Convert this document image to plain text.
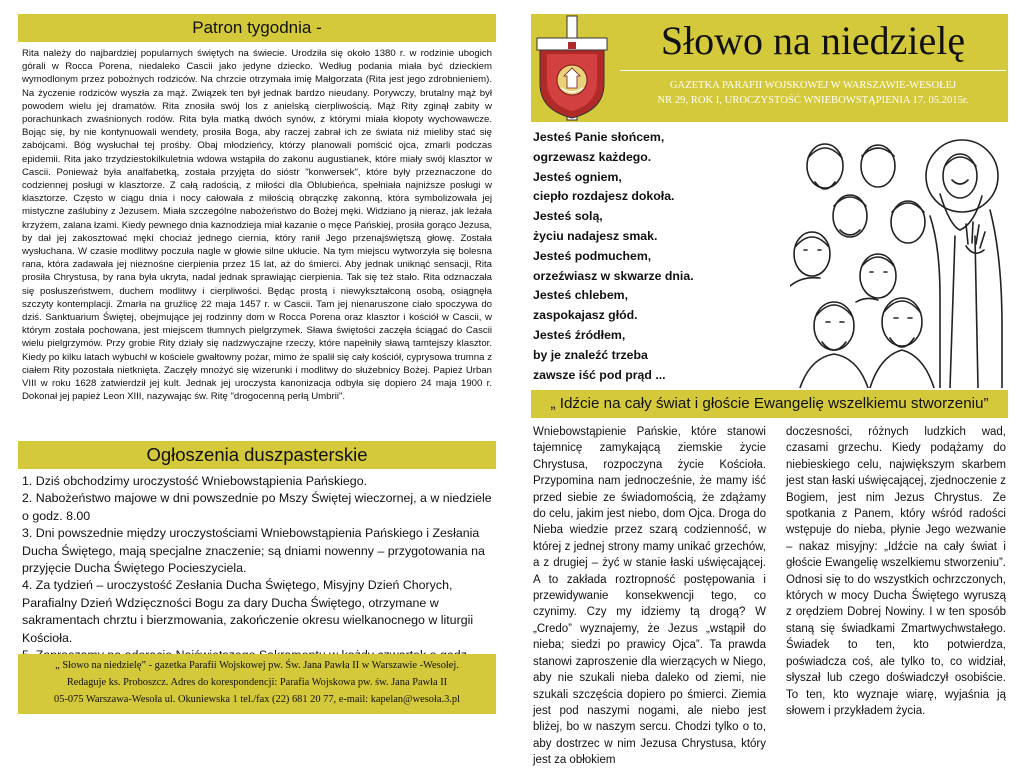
Patron tygodnia -
Rita należy do najbardziej popularnych świętych na świecie. Urodziła się około 1380 r. w rodzinie ubogich górali w Rocca Porena, niedaleko Cascii jako jedyne dziecko. Według podania miała być dzieckiem wymodlonym przez pobożnych rodziców. Na chrzcie otrzymała imię Małgorzata (Rita jest jego zdrobnieniem). Na życzenie rodziców wyszła za mąż. Związek ten był jednak bardzo nieudany. Porywczy, brutalny mąż był powodem wielu jej dramatów. Rita znosiła swój los z anielską cierpliwością. Mąż Rity zginął zabity w porachunkach zwaśnionych rodów. Rita była matką dwóch synów, z którymi miała kłopoty wychowawcze. Bojąc się, by nie kontynuowali wendety, prosiła Boga, aby raczej zabrał ich ze świata niż mieliby stać się zabójcami. Bóg wysłuchał tej prośby. Obaj młodzieńcy, którzy planowali pomścić ojca, zmarli podczas epidemii. Rita jako trzydziestokilkuletnia wdowa wstąpiła do zakonu augustianek, które miały swój klasztor w Cascii. Ponieważ była analfabetką, została przyjęta do sióstr "konwersek", które były przeznaczone do codziennej posługi w klasztorze. Z całą radością, z miłości dla Oblubieńca, spełniała najniższe posługi w klasztorze. Często w ciągu dnia i nocy całowała z miłością obrączkę zakonną, która symbolizowała jej mistyczne zaślubiny z Jezusem. Miała szczególne nabożeństwo do Bożej męki. Widziano ją nieraz, jak leżała krzyżem, zalana łzami. Kiedy pewnego dnia kaznodzieja miał kazanie o męce Pańskiej, prosiła gorąco Jezusa, by dał jej zakosztować męki chociaż jednego ciernia, który ranił Jego przenajświętszą głowę. Została wysłuchana. W czasie modlitwy poczuła nagle w głowie silne ukłucie. Na tym miejscu wytworzyła się bolesna rana, która zadawała jej nieznośne cierpienia przez 15 lat, aż do śmierci. Aby jednak uniknąć sensacji, Rita prosiła Chrystusa, by rana była ukryta, nadal jednak sprawiając cierpienia. Tak się też stało. Rita odznaczała się posłuszeństwem, duchem modlitwy i cierpliwości. Będąc prostą i niewykształconą osobą, osiągnęła szczyty kontemplacji. Zmarła na gruźlicę 22 maja 1457 r. w Cascii. Tam jej nienaruszone ciało spoczywa do dziś. Sanktuarium Świętej, obejmujące jej rodzinny dom w Rocca Porena oraz klasztor i kościół w Cascii, w którym została pochowana, jest miejscem tłumnych pielgrzymek. Sława świętości zaczęła ściągać do Cascii wielu pielgrzymów. Przy grobie Rity działy się nadzwyczajne rzeczy, które napełniły sławą tamtejszy klasztor. Kiedy po kilku latach wybuchł w kościele gwałtowny pożar, mimo że spalił się cały kościół, cyprysowa trumna z ciałem Rity pozostała nietknięta. Zaczęły mnożyć się wizerunki i modlitwy do służebnicy Bożej. Papież Urban VIII w roku 1628 zatwierdził jej kult. Jednak jej uroczysta kanonizacja odbyła się dopiero 24 maja 1900 r. Dokonał jej papież Leon XIII, nazywając św. Ritę "drogocenną perłą Umbrii".
Ogłoszenia duszpasterskie
1. Dziś obchodzimy uroczystość Wniebowstąpienia Pańskiego.
2. Nabożeństwo majowe w dni powszednie po Mszy Świętej wieczornej, a w niedziele o godz. 8.00
3. Dni powszednie między uroczystościami Wniebowstąpienia Pańskiego i Zesłania Ducha Świętego, mają specjalne znaczenie; są dniami nowenny – przygotowania na przyjęcie Ducha Świętego Pocieszyciela.
4. Za tydzień – uroczystość Zesłania Ducha Świętego, Misyjny Dzień Chorych, Parafialny Dzień Wdzięczności Bogu za dary Ducha Świętego, otrzymane w sakramentach chrztu i bierzmowania, zakończenie okresu wielkanocnego w liturgii Kościoła.
„ Słowo na niedzielę” - gazetka Parafii Wojskowej pw. Św. Jana Pawła II w Warszawie -Wesołej.
Redaguje ks. Proboszcz. Adres do korespondencji: Parafia Wojskowa pw. św. Jana Pawła II
05-075 Warszawa-Wesoła ul. Okuniewska 1 tel./fax (22) 681 20 77, e-mail: kapelan@wesoła.3.pl
Słowo na niedzielę
GAZETKA PARAFII WOJSKOWEJ W WARSZAWIE-WESOŁEJ
NR 29, ROK I, UROCZYSTOŚĆ WNIEBOWSTĄPIENIA 17. 05.2015r.

Jesteś Panie słońcem,

ogrzewasz każdego.

Jesteś ogniem,

ciepło rozdajesz dokoła.

Jesteś solą,

życiu nadajesz smak.

Jesteś podmuchem,

orzeźwiasz w skwarze dnia.

Jesteś chlebem,

zaspokajasz głód.

Jesteś źródłem,

by je znaleźć trzeba

zawsze iść pod prąd ...

„ Idźcie na cały świat i głoście Ewangelię wszelkiemu stworzeniu”
Wniebowstąpienie Pańskie, które stanowi tajemnicę zamykającą ziemskie życie Chrystusa, rozpoczyna życie Kościoła. Przypomina nam jednocześnie, że mamy iść przed siebie ze świadomością, że zdążamy do celu, jakim jest niebo, dom Ojca. Droga do Nieba wiedzie przez szarą codzienność, w której z jednej strony mamy unikać grzechów, a z drugiej – żyć w stanie łaski uświęcającej. A to zakłada roztropność postępowania i przewidywanie konsekwencji tego, co czynimy. Czy my idziemy tą drogą? W „Credo” wyznajemy, że Jezus „wstąpił do nieba; siedzi po prawicy Ojca”. Ta prawda stanowi zaproszenie dla wierzących w Niego, aby nie szukali nieba daleko od ziemi, nie szukali szczęścia dopiero po śmierci. Ziemia jest pod naszymi nogami, ale niebo jest bliżej, bo w naszym sercu. Chodzi tylko o to, aby dostrzec w nim Jezusa Chrystusa, który jest za obłokiem
doczesności, różnych ludzkich wad, czasami grzechu. Kiedy podążamy do niebieskiego celu, największym skarbem jest stan łaski uświęcającej, zjednoczenie z Bogiem, jest nim Jezus Chrystus. Ze spotkania z Panem, który wśród radości wstępuje do nieba, płynie Jego wezwanie – nakaz misyjny: „Idźcie na cały świat i głoście Ewangelię wszelkiemu stworzeniu”. Odnosi się to do wszystkich ochrzczonych, których w mocy Ducha Świętego wyruszą z orędziem Dobrej Nowiny. I w ten sposób staną się świadkami Zmartwychwstałego. Świadek to ten, kto potwierdza, poświadcza coś, ale tylko to, co widział, słyszał lub czego doświadczył osobiście. To ten, kto wyznaje wiarę, wyjaśnia ją słowem i przykładem życia.
